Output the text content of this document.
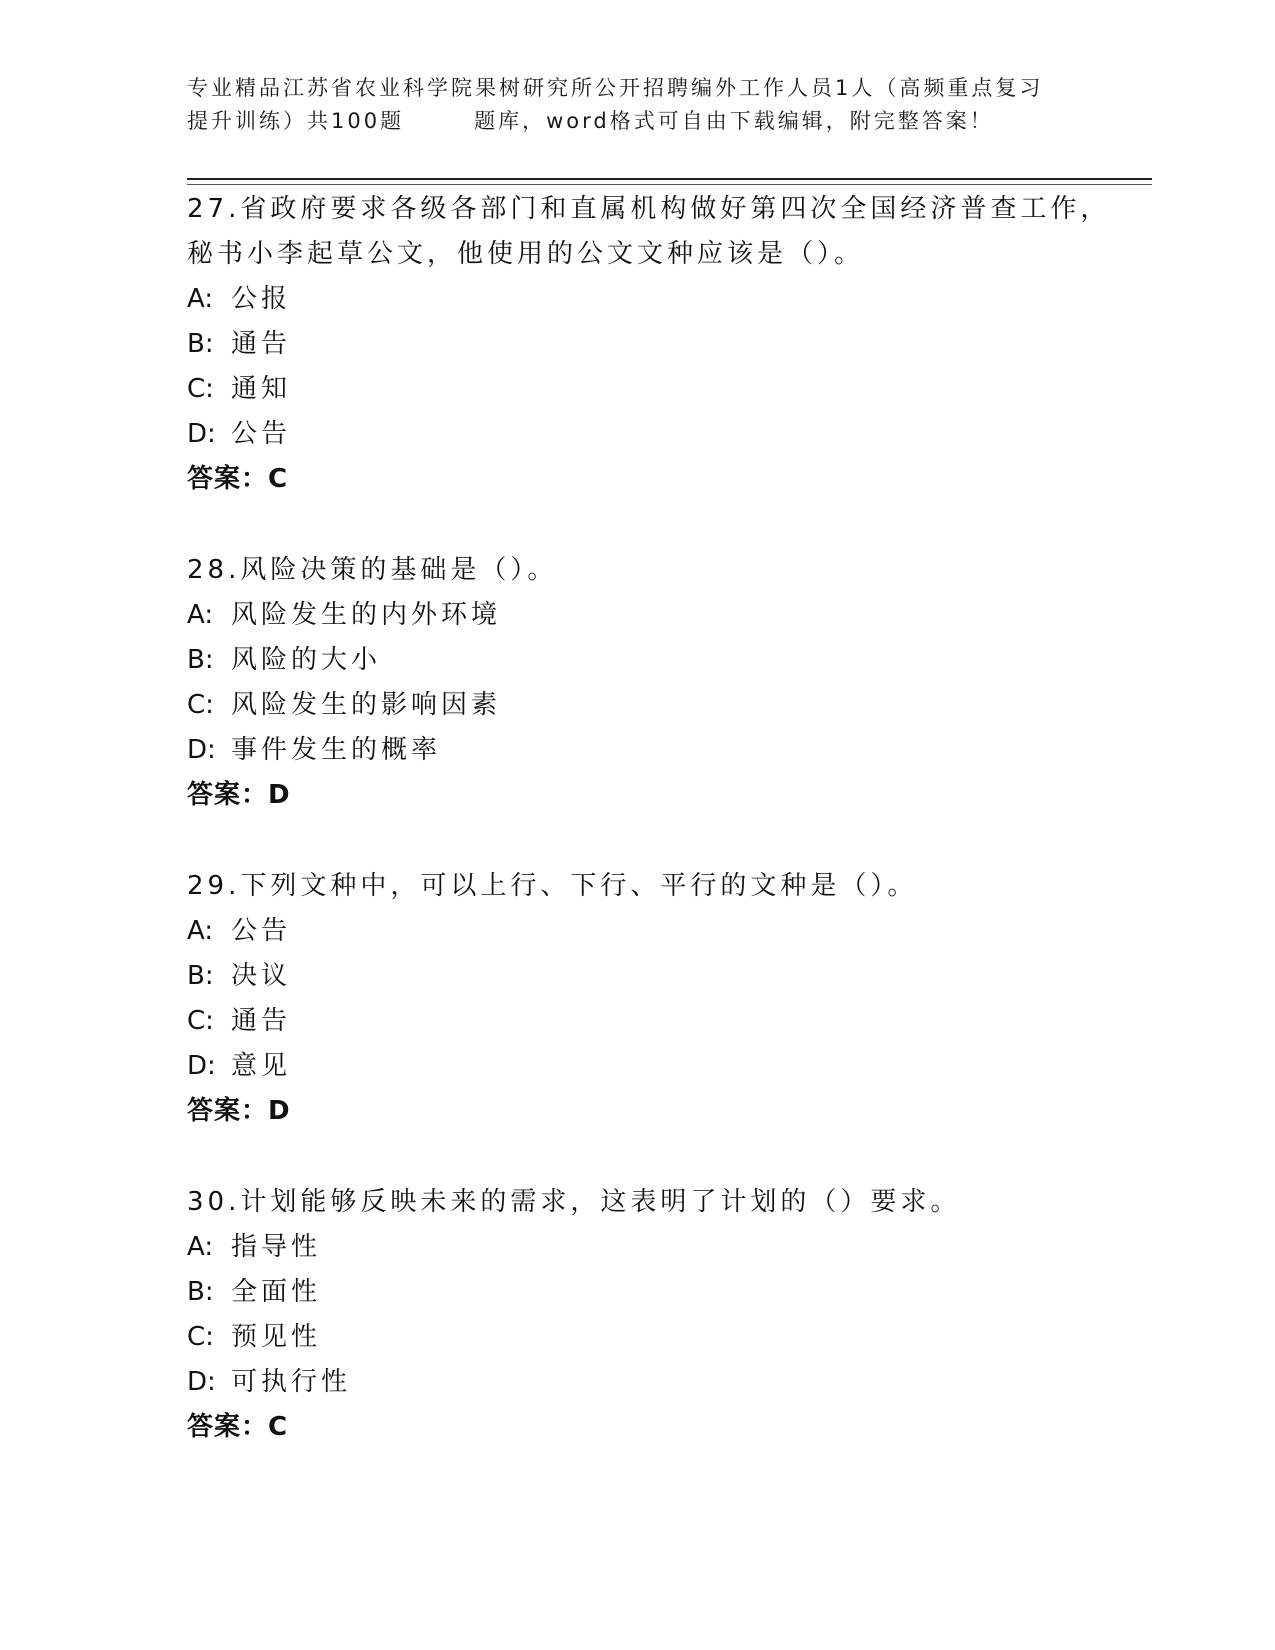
专业精品江苏省农业科学院果树研究所公开招聘编外工作人员1人（高频重点复习
提升训练）共100题	题库，word格式可自由下载编辑，附完整答案！
27.省政府要求各级各部门和直属机构做好第四次全国经济普查工作，
秘书小李起草公文，他使用的公文文种应该是（）。
A: 公报
B: 通告
C: 通知
D: 公告
答案：C
28.风险决策的基础是（）。
A: 风险发生的内外环境
B: 风险的大小
C: 风险发生的影响因素
D: 事件发生的概率
答案：D
29.下列文种中，可以上行、下行、平行的文种是（）。
A: 公告
B: 决议
C: 通告
D: 意见
答案：D
30.计划能够反映未来的需求，这表明了计划的（）要求。
A: 指导性
B: 全面性
C: 预见性
D: 可执行性
答案：C
